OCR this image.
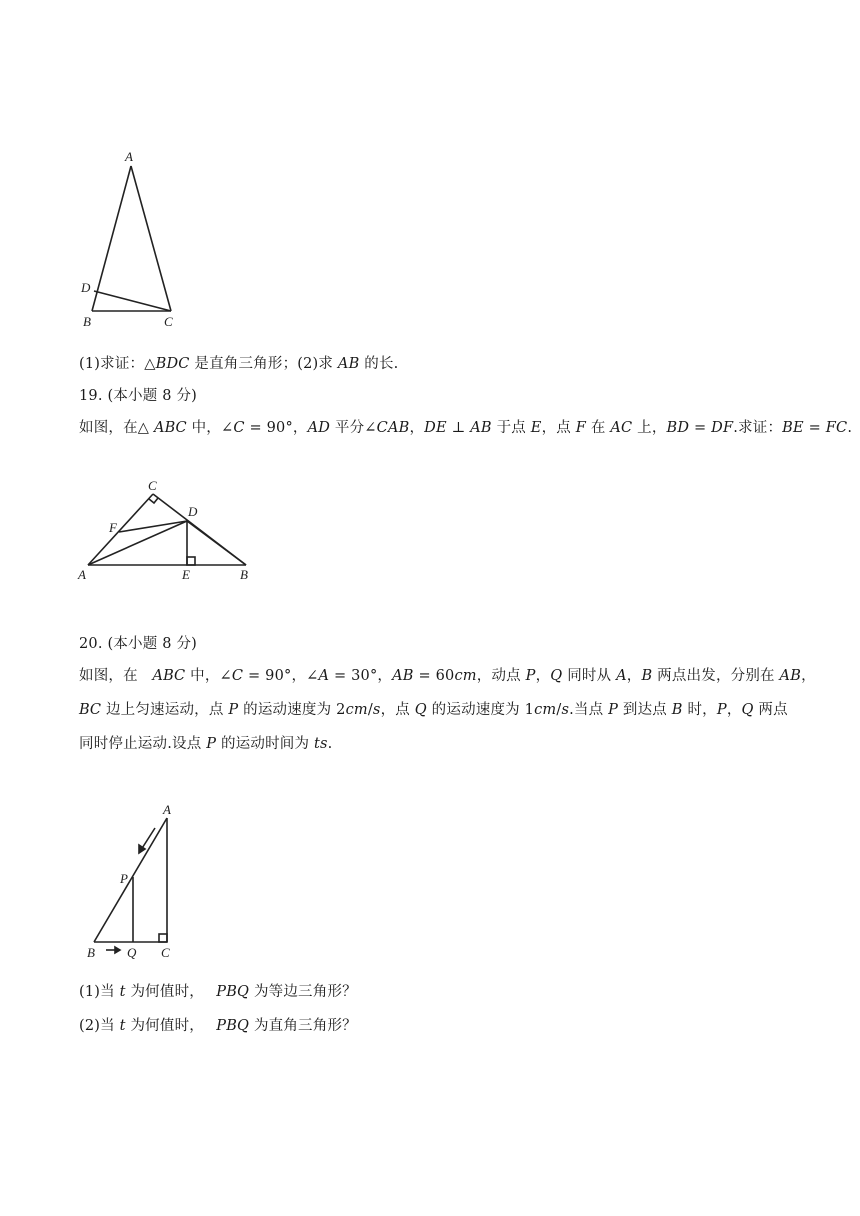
A
D
B	C
(1)求证：△𝐵𝐷𝐶 是直角三角形；(2)求 𝐴𝐵 的长.
19. (本小题 8 分)
如图，在△ 𝐴𝐵𝐶 中，∠𝐶 = 90°，𝐴𝐷 平分∠𝐶𝐴𝐵，𝐷𝐸 ⊥ 𝐴𝐵 于点 𝐸，点 𝐹 在 𝐴𝐶 上，𝐵𝐷 = 𝐷𝐹.求证：𝐵𝐸 = 𝐹𝐶.
C
D
F
A	E	B
20. (本小题 8 分)
如图，在　𝐴𝐵𝐶 中，∠𝐶 = 90°，∠𝐴 = 30°，𝐴𝐵 = 60𝑐𝑚，动点 𝑃，𝑄 同时从 𝐴，𝐵 两点出发，分别在 𝐴𝐵，
𝐵𝐶 边上匀速运动，点 𝑃 的运动速度为 2𝑐𝑚/𝑠，点 𝑄 的运动速度为 1𝑐𝑚/𝑠.当点 𝑃 到达点 𝐵 时，𝑃，𝑄 两点
同时停止运动.设点 𝑃 的运动时间为 𝑡𝑠.
A
P
B Q C
(1)当 𝑡 为何值时，　 𝑃𝐵𝑄 为等边三角形？
(2)当 𝑡 为何值时，　 𝑃𝐵𝑄 为直角三角形？
